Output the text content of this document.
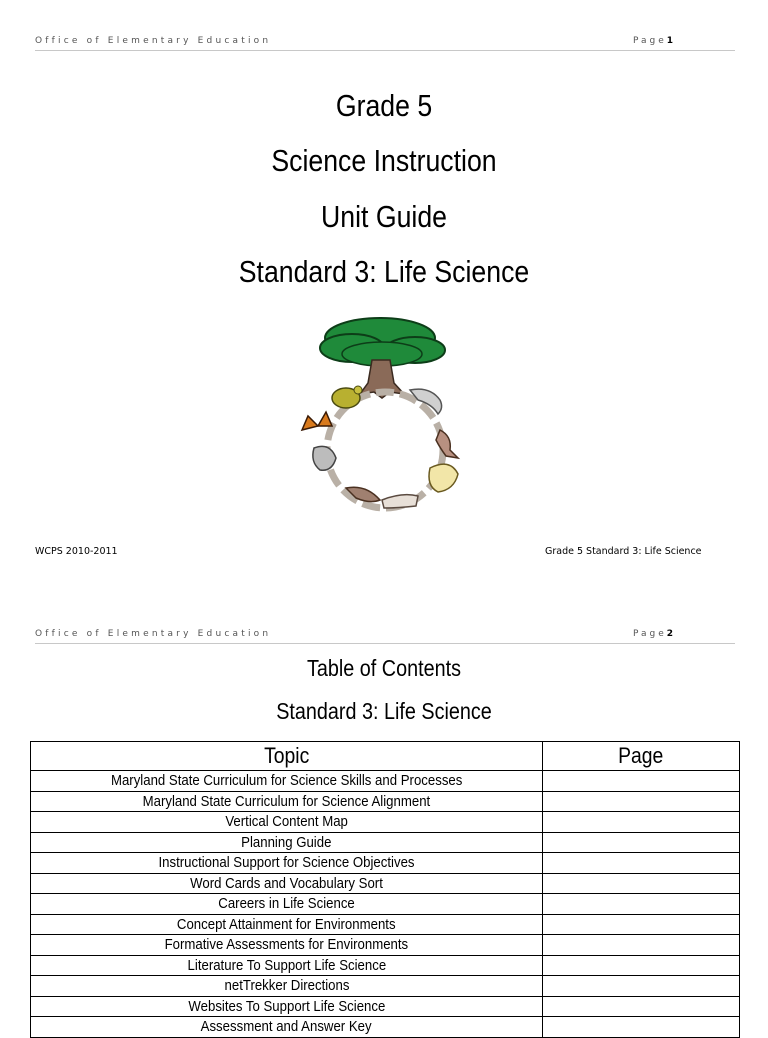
Office of Elementary Education	Page1
Grade 5
Science Instruction
Unit Guide
Standard 3: Life Science
WCPS 2010-2011	Grade 5 Standard 3: Life Science
Office of Elementary Education	Page2
Table of Contents
Standard 3: Life Science
Topic	Page
Maryland State Curriculum for Science Skills and Processes	
Maryland State Curriculum for Science Alignment	
Vertical Content Map	
Planning Guide	
Instructional Support for Science Objectives	
Word Cards and Vocabulary Sort	
Careers in Life Science	
Concept Attainment for Environments	
Formative Assessments for Environments	
Literature To Support Life Science	
netTrekker Directions	
Websites To Support Life Science	
Assessment and Answer Key	
